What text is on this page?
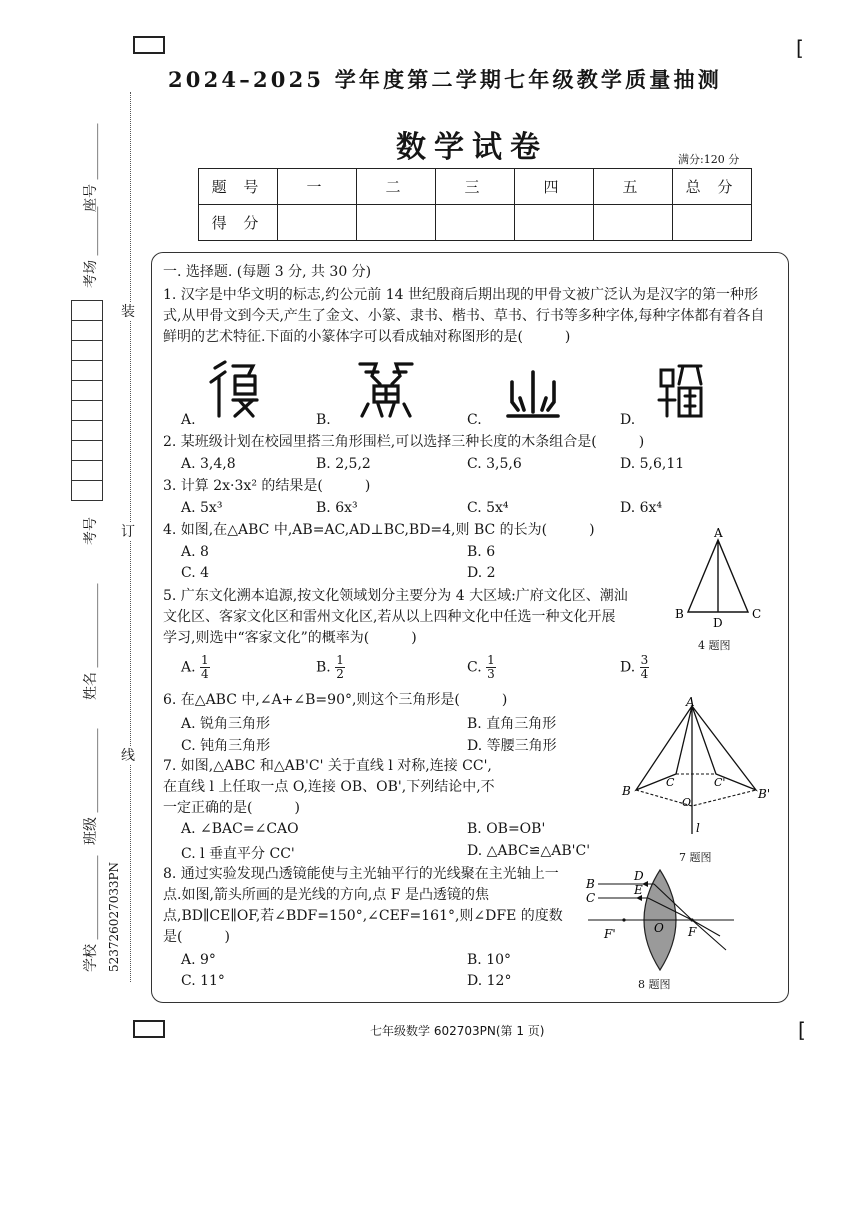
[
[
2024–2025 学年度第二学期七年级教学质量抽测
数学试卷	满分:120 分
题 号	一	二	三	四	五	总 分
得 分						
座号 ________
考场 _______
考号
姓名 ____________
班级 ____________
学校 ____________ 5237260270З3PN
装
订
线
一. 选择题. (每题 3 分, 共 30 分)
1. 汉字是中华文明的标志,约公元前 14 世纪殷商后期出现的甲骨文被广泛认为是汉字的第一种形式,从甲骨文到今天,产生了金文、小篆、隶书、楷书、草书、行书等多种字体,每种字体都有着各自鲜明的艺术特征.下面的小篆体字可以看成轴对称图形的是(　　　)
A.	B.	C.	D.
2. 某班级计划在校园里搭三角形围栏,可以选择三种长度的木条组合是(　　　)
A. 3,4,8	B. 2,5,2	C. 3,5,6	D. 5,6,11
3. 计算 2x·3x² 的结果是(　　　)
A. 5x³	B. 6x³	C. 5x⁴	D. 6x⁴
4. 如图,在△ABC 中,AB=AC,AD⊥BC,BD=4,则 BC 的长为(　　　)
A. 8	B. 6
C. 4	D. 2
A
B
D
C
4 题图
5. 广东文化溯本追源,按文化领域划分主要分为 4 大区域:广府文化区、潮汕文化区、客家文化区和雷州文化区,若从以上四种文化中任选一种文化开展学习,则选中“客家文化”的概率为(　　　)
A. $\frac{1}{4}$	B. $\frac{1}{2}$	C. $\frac{1}{3}$	D. $\frac{3}{4}$
6. 在△ABC 中,∠A+∠B=90°,则这个三角形是(　　　)
A. 锐角三角形	B. 直角三角形
C. 钝角三角形	D. 等腰三角形
7. 如图,△ABC 和△AB'C' 关于直线 l 对称,连接 CC',在直线 l 上任取一点 O,连接 OB、OB',下列结论中,不一定正确的是(　　　)
A. ∠BAC=∠CAO	B. OB=OB'
C. l 垂直平分 CC'	D. △ABC≌△AB'C'
A
B
C	C'
O
B'
l
7 题图
8. 通过实验发现凸透镜能使与主光轴平行的光线聚在主光轴上一点.如图,箭头所画的是光线的方向,点 F 是凸透镜的焦点,BD∥CE∥OF,若∠BDF=150°,∠CEF=161°,则∠DFE 的度数是(　　　)
A. 9°	B. 10°
C. 11°	D. 12°
B
D
C
E
F'	O F
8 题图
七年级数学 602703PN(第 1 页)
